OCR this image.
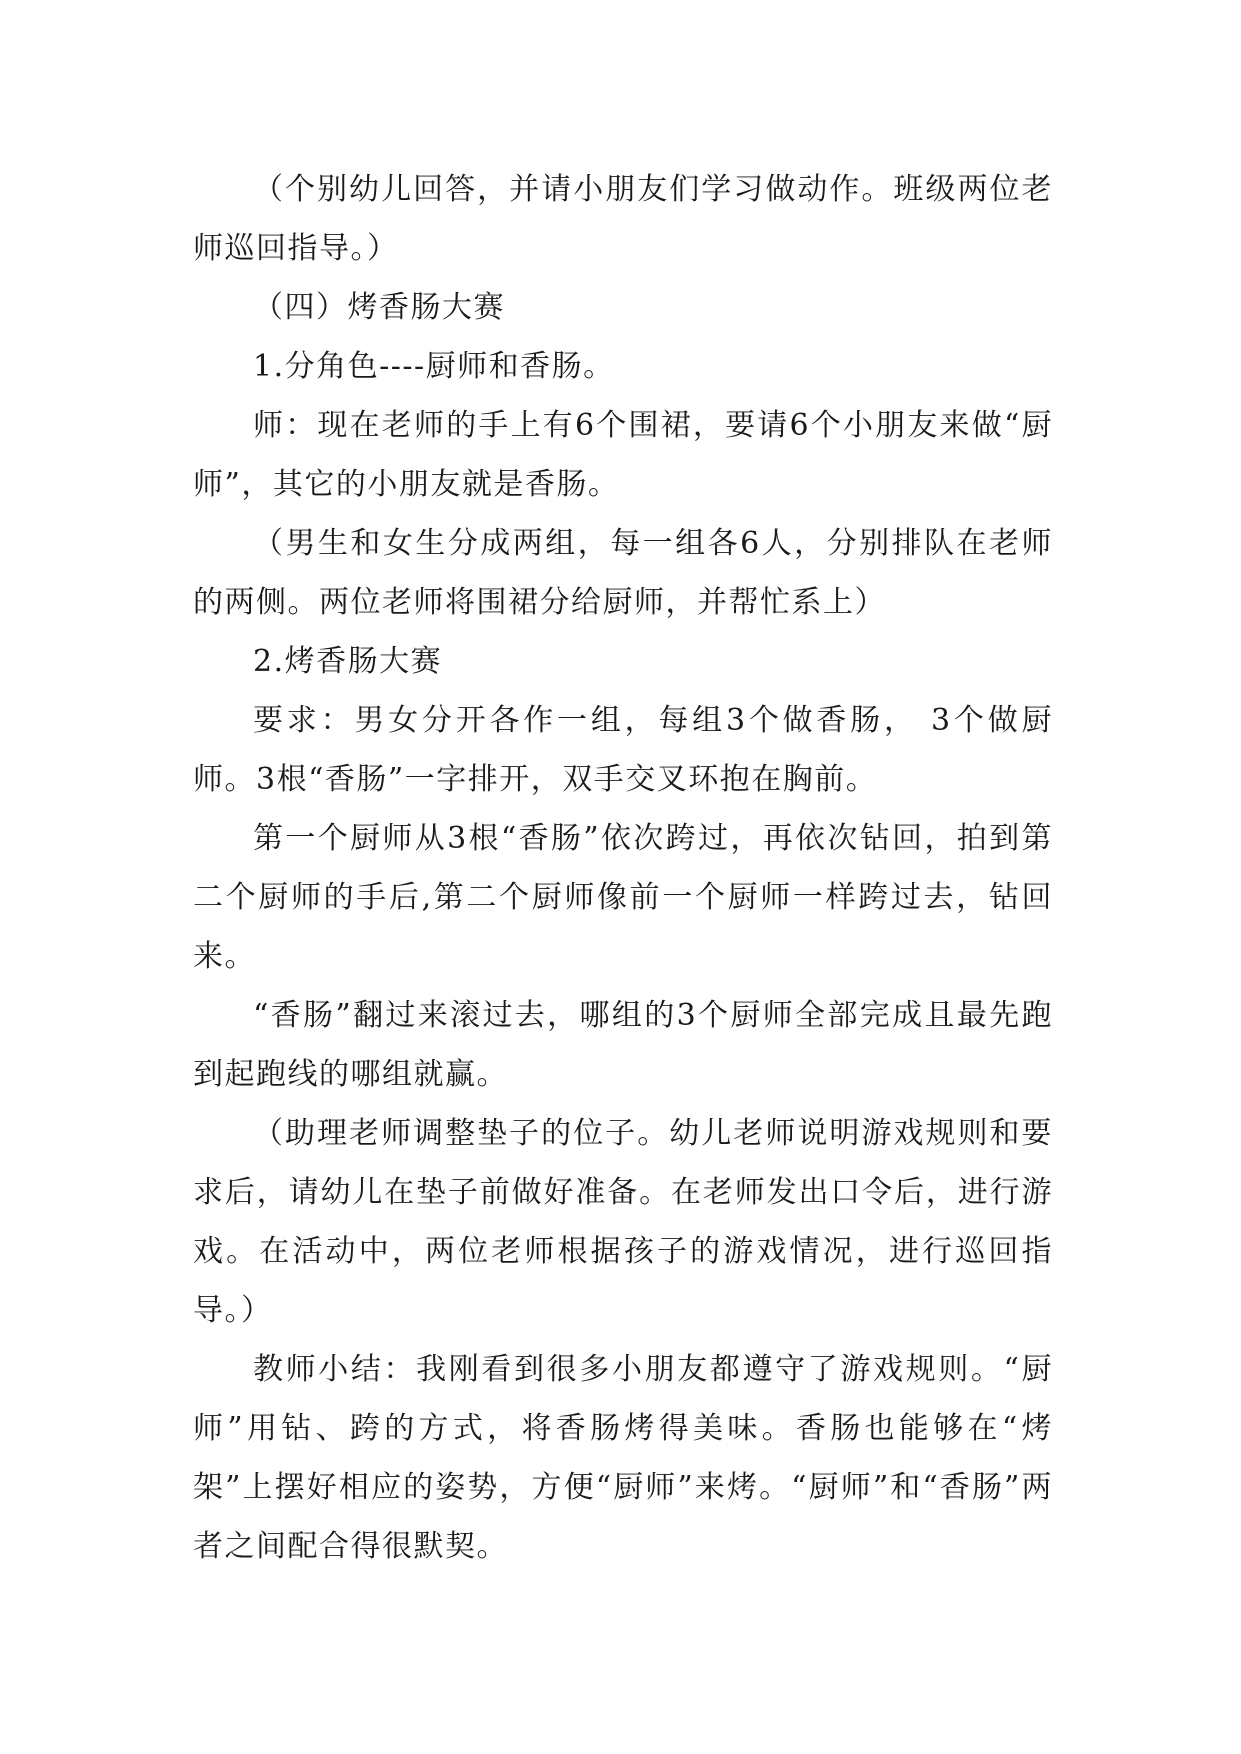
（个别幼儿回答，并请小朋友们学习做动作。班级两位老师巡回指导。）

（四）烤香肠大赛

1.分角色----厨师和香肠。

师：现在老师的手上有6个围裙，要请6个小朋友来做“厨师”，其它的小朋友就是香肠。

（男生和女生分成两组，每一组各6人，分别排队在老师的两侧。两位老师将围裙分给厨师，并帮忙系上）

2.烤香肠大赛

要求：男女分开各作一组，每组3个做香肠， 3个做厨师。3根“香肠”一字排开，双手交叉环抱在胸前。

第一个厨师从3根“香肠”依次跨过，再依次钻回，拍到第二个厨师的手后,第二个厨师像前一个厨师一样跨过去，钻回来。

“香肠”翻过来滚过去，哪组的3个厨师全部完成且最先跑到起跑线的哪组就赢。

（助理老师调整垫子的位子。幼儿老师说明游戏规则和要求后，请幼儿在垫子前做好准备。在老师发出口令后，进行游戏。在活动中，两位老师根据孩子的游戏情况，进行巡回指导。）

教师小结：我刚看到很多小朋友都遵守了游戏规则。“厨师”用钻、跨的方式，将香肠烤得美味。香肠也能够在“烤架”上摆好相应的姿势，方便“厨师”来烤。“厨师”和“香肠”两者之间配合得很默契。
